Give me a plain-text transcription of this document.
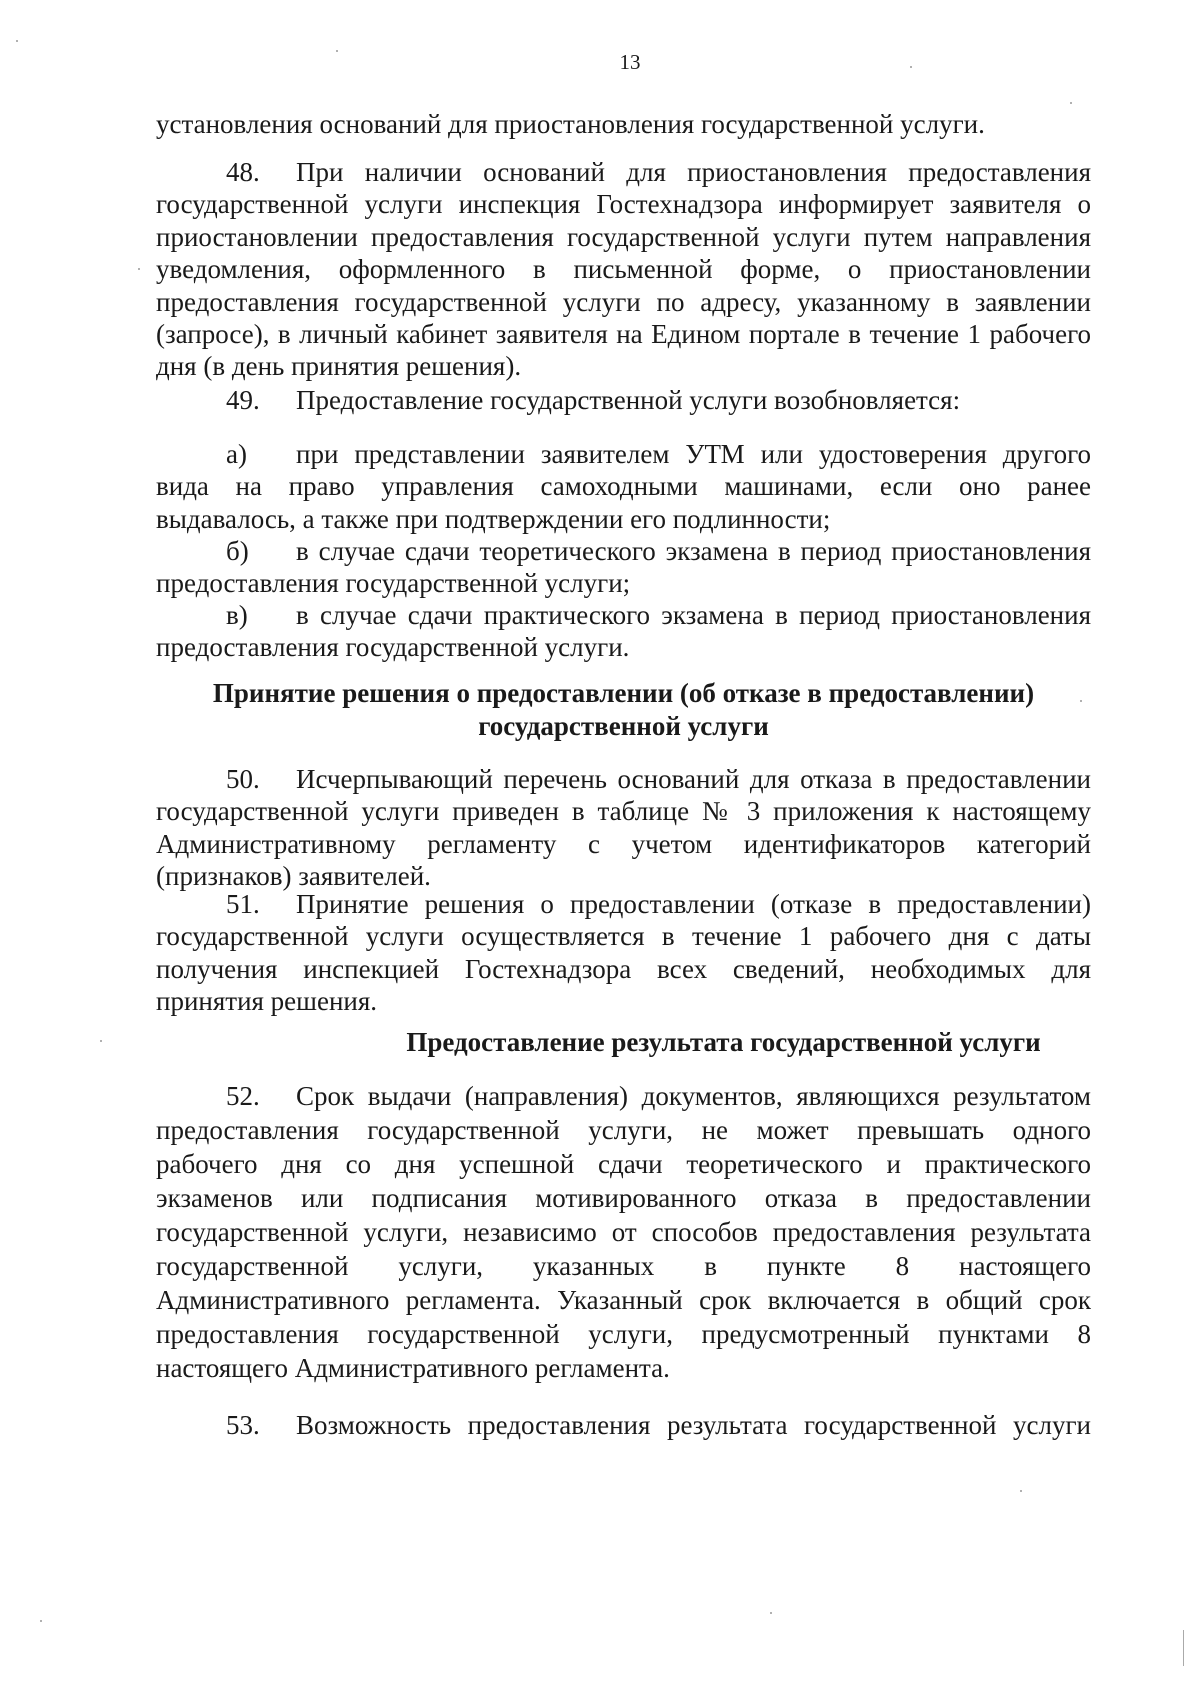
13
установления оснований для приостановления государственной услуги.
48. При наличии оснований для приостановления предоставления
государственной услуги инспекция Гостехнадзора информирует заявителя о
приостановлении предоставления государственной услуги путем направления
уведомления, оформленного в письменной форме, о приостановлении
предоставления государственной услуги по адресу, указанному в заявлении
(запросе), в личный кабинет заявителя на Едином портале в течение 1 рабочего
дня (в день принятия решения).
49. Предоставление государственной услуги возобновляется:
а) при представлении заявителем УТМ или удостоверения другого
вида на право управления самоходными машинами, если оно ранее
выдавалось, а также при подтверждении его подлинности;
б) в случае сдачи теоретического экзамена в период приостановления
предоставления государственной услуги;
в) в случае сдачи практического экзамена в период приостановления
предоставления государственной услуги.
Принятие решения о предоставлении (об отказе в предоставлении)
государственной услуги
50. Исчерпывающий перечень оснований для отказа в предоставлении
государственной услуги приведен в таблице № 3 приложения к настоящему
Административному регламенту с учетом идентификаторов категорий
(признаков) заявителей.
51. Принятие решения о предоставлении (отказе в предоставлении)
государственной услуги осуществляется в течение 1 рабочего дня с даты
получения инспекцией Гостехнадзора всех сведений, необходимых для
принятия решения.
Предоставление результата государственной услуги
52. Срок выдачи (направления) документов, являющихся результатом
предоставления государственной услуги, не может превышать одного
рабочего дня со дня успешной сдачи теоретического и практического
экзаменов или подписания мотивированного отказа в предоставлении
государственной услуги, независимо от способов предоставления результата
государственной услуги, указанных в пункте 8 настоящего
Административного регламента. Указанный срок включается в общий срок
предоставления государственной услуги, предусмотренный пунктами 8
настоящего Административного регламента.
53. Возможность предоставления результата государственной услуги
